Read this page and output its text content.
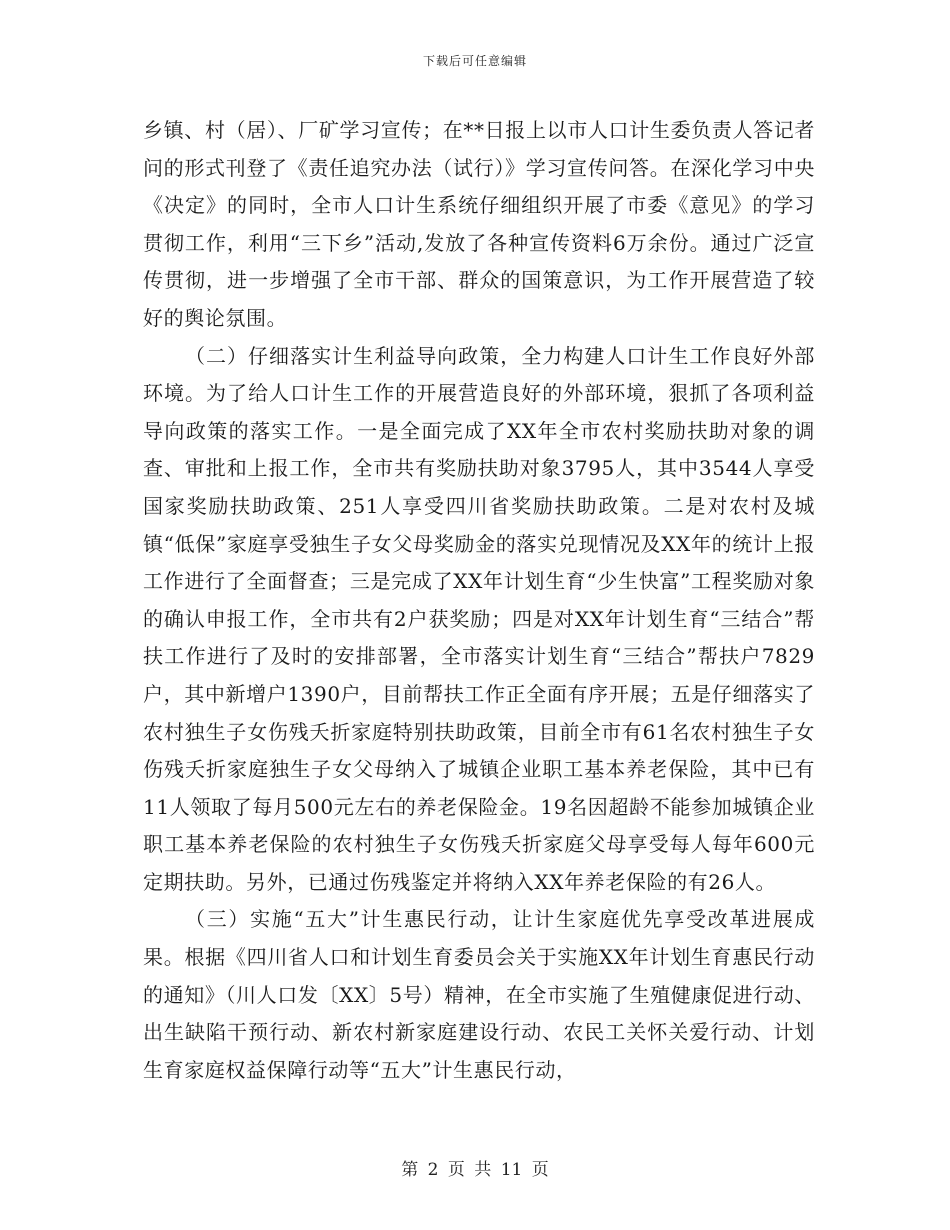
下载后可任意编辑

乡镇、村（居）、厂矿学习宣传；在**日报上以市人口计生委负责人答记者问的形式刊登了《责任追究办法（试行）》学习宣传问答。在深化学习中央《决定》的同时，全市人口计生系统仔细组织开展了市委《意见》的学习贯彻工作，利用“三下乡”活动,发放了各种宣传资料6万余份。通过广泛宣传贯彻，进一步增强了全市干部、群众的国策意识，为工作开展营造了较好的舆论氛围。

（二）仔细落实计生利益导向政策，全力构建人口计生工作良好外部环境。为了给人口计生工作的开展营造良好的外部环境，狠抓了各项利益导向政策的落实工作。一是全面完成了XX年全市农村奖励扶助对象的调查、审批和上报工作，全市共有奖励扶助对象3795人，其中3544人享受国家奖励扶助政策、251人享受四川省奖励扶助政策。二是对农村及城镇“低保”家庭享受独生子女父母奖励金的落实兑现情况及XX年的统计上报工作进行了全面督查；三是完成了XX年计划生育“少生快富”工程奖励对象的确认申报工作，全市共有2户获奖励；四是对XX年计划生育“三结合”帮扶工作进行了及时的安排部署，全市落实计划生育“三结合”帮扶户7829户，其中新增户1390户，目前帮扶工作正全面有序开展；五是仔细落实了农村独生子女伤残夭折家庭特别扶助政策，目前全市有61名农村独生子女伤残夭折家庭独生子女父母纳入了城镇企业职工基本养老保险，其中已有11人领取了每月500元左右的养老保险金。19名因超龄不能参加城镇企业职工基本养老保险的农村独生子女伤残夭折家庭父母享受每人每年600元定期扶助。另外，已通过伤残鉴定并将纳入XX年养老保险的有26人。

（三）实施“五大”计生惠民行动，让计生家庭优先享受改革进展成果。根据《四川省人口和计划生育委员会关于实施XX年计划生育惠民行动的通知》（川人口发〔XX〕5号）精神，在全市实施了生殖健康促进行动、出生缺陷干预行动、新农村新家庭建设行动、农民工关怀关爱行动、计划生育家庭权益保障行动等“五大”计生惠民行动，

第 2 页 共 11 页
